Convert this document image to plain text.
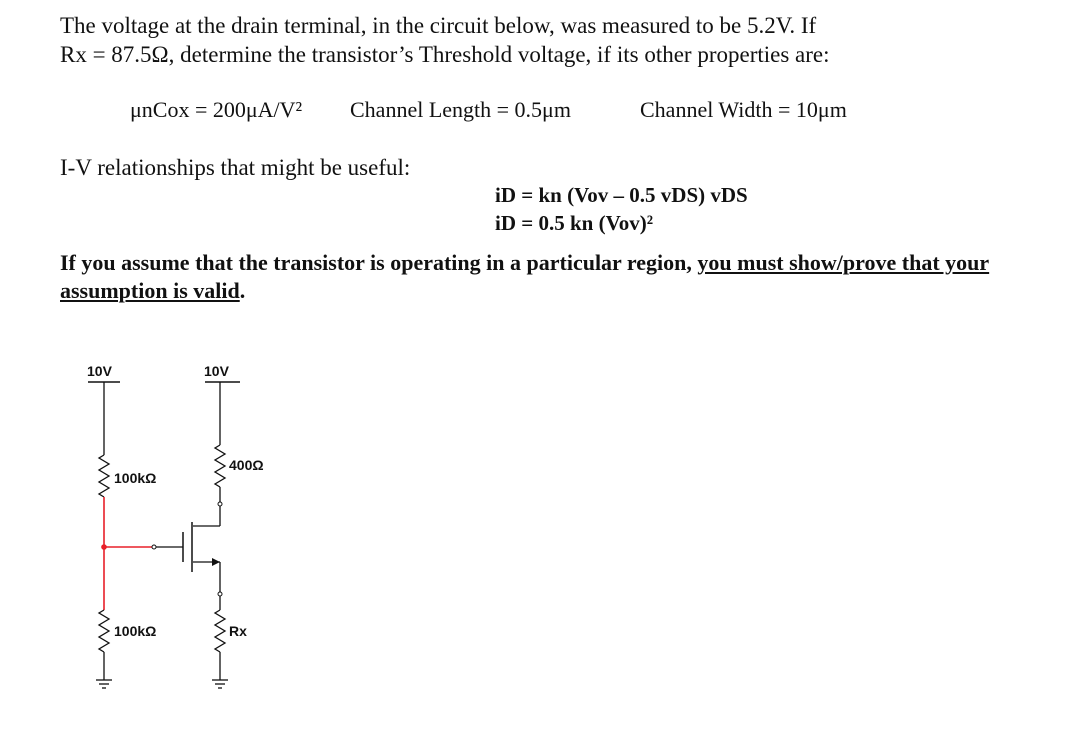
The voltage at the drain terminal, in the circuit below, was measured to be 5.2V. If
Rx = 87.5Ω, determine the transistor’s Threshold voltage, if its other properties are:
μnCox = 200μA/V² Channel Length = 0.5μm	Channel Width = 10μm
I-V relationships that might be useful:
iD = kn (Vov – 0.5 vDS) vDS
iD = 0.5 kn (Vov)²
If you assume that the transistor is operating in a particular region, you must show/prove that your assumption is valid.
10V	10V
100kΩ
100kΩ
400Ω
Rx
